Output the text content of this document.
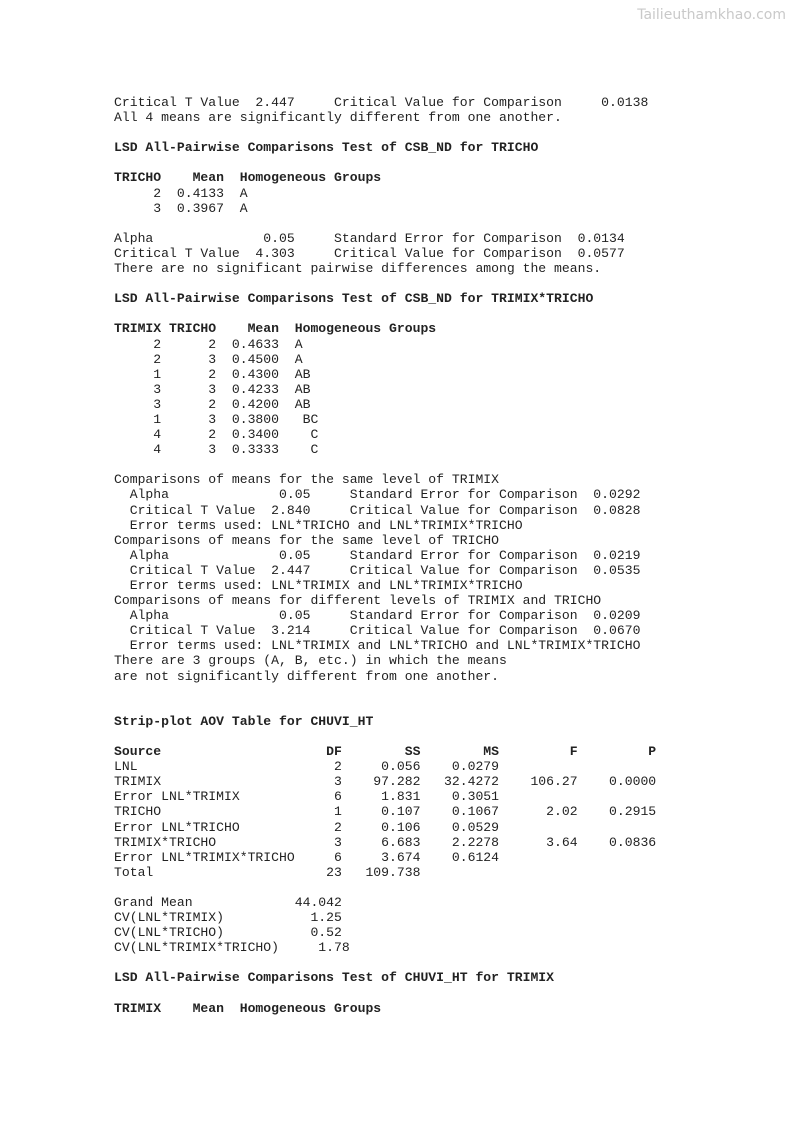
Tailieuthamkhao.com
Critical T Value  2.447     Critical Value for Comparison     0.0138
All 4 means are significantly different from one another.

LSD All-Pairwise Comparisons Test of CSB_ND for TRICHO

TRICHO    Mean  Homogeneous Groups
2  0.4133  A
3  0.3967  A

Alpha              0.05     Standard Error for Comparison  0.0134
Critical T Value  4.303     Critical Value for Comparison  0.0577
There are no significant pairwise differences among the means.

LSD All-Pairwise Comparisons Test of CSB_ND for TRIMIX*TRICHO

TRIMIX TRICHO    Mean  Homogeneous Groups
2      2  0.4633  A
2      3  0.4500  A
1      2  0.4300  AB
3      3  0.4233  AB
3      2  0.4200  AB
1      3  0.3800   BC
4      2  0.3400    C
4      3  0.3333    C

Comparisons of means for the same level of TRIMIX
Alpha              0.05     Standard Error for Comparison  0.0292
Critical T Value  2.840     Critical Value for Comparison  0.0828
Error terms used: LNL*TRICHO and LNL*TRIMIX*TRICHO
Comparisons of means for the same level of TRICHO
Alpha              0.05     Standard Error for Comparison  0.0219
Critical T Value  2.447     Critical Value for Comparison  0.0535
Error terms used: LNL*TRIMIX and LNL*TRIMIX*TRICHO
Comparisons of means for different levels of TRIMIX and TRICHO
Alpha              0.05     Standard Error for Comparison  0.0209
Critical T Value  3.214     Critical Value for Comparison  0.0670
Error terms used: LNL*TRIMIX and LNL*TRICHO and LNL*TRIMIX*TRICHO
There are 3 groups (A, B, etc.) in which the means
are not significantly different from one another.

Strip-plot AOV Table for CHUVI_HT

Source                     DF        SS        MS         F         P
LNL                         2     0.056    0.0279
TRIMIX                      3    97.282   32.4272    106.27    0.0000
Error LNL*TRIMIX            6     1.831    0.3051
TRICHO                      1     0.107    0.1067      2.02    0.2915
Error LNL*TRICHO            2     0.106    0.0529
TRIMIX*TRICHO               3     6.683    2.2278      3.64    0.0836
Error LNL*TRIMIX*TRICHO     6     3.674    0.6124
Total                      23   109.738

Grand Mean             44.042
CV(LNL*TRIMIX)           1.25
CV(LNL*TRICHO)           0.52
CV(LNL*TRIMIX*TRICHO)     1.78

LSD All-Pairwise Comparisons Test of CHUVI_HT for TRIMIX

TRIMIX    Mean  Homogeneous Groups
